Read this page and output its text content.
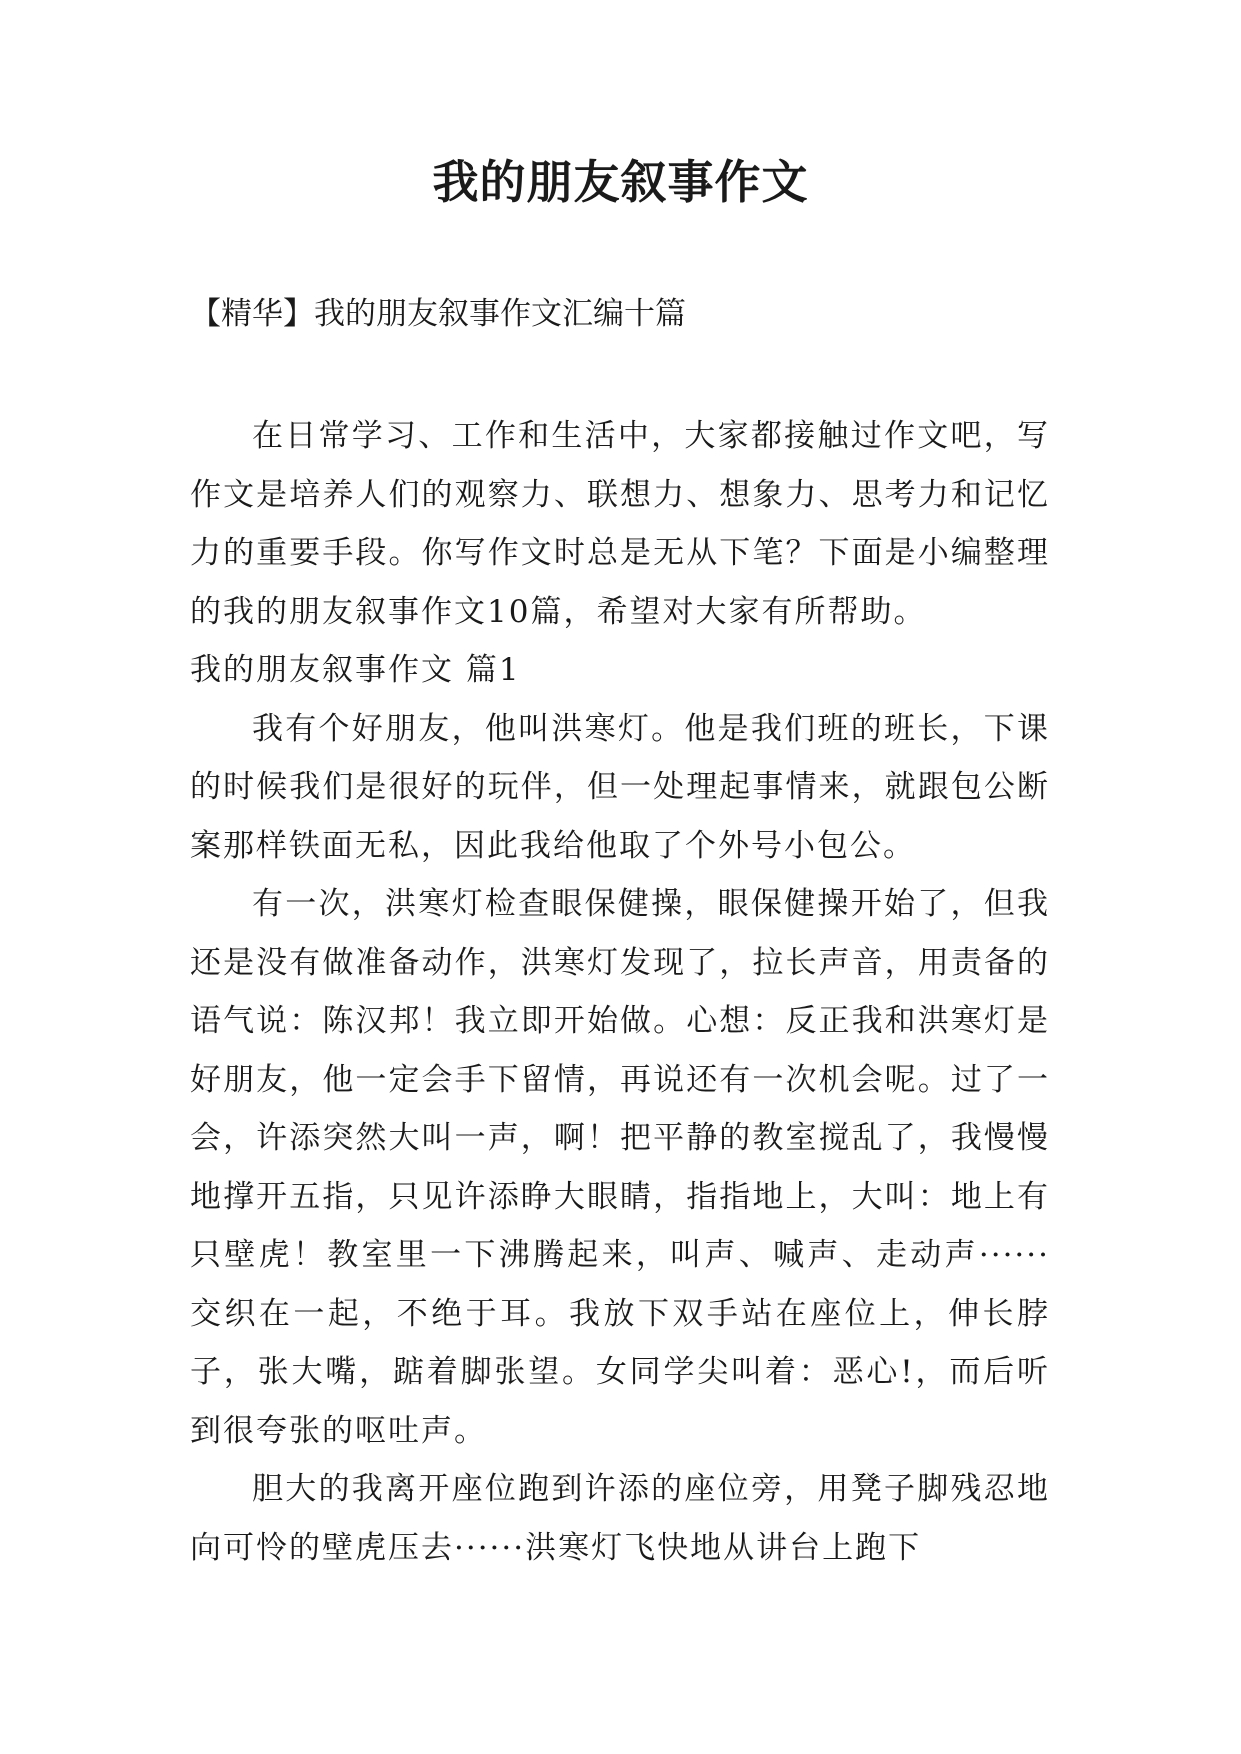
我的朋友叙事作文
【精华】我的朋友叙事作文汇编十篇

在日常学习、工作和生活中，大家都接触过作文吧，写作文是培养人们的观察力、联想力、想象力、思考力和记忆力的重要手段。你写作文时总是无从下笔？下面是小编整理的我的朋友叙事作文10篇，希望对大家有所帮助。

我的朋友叙事作文 篇1

我有个好朋友，他叫洪寒灯。他是我们班的班长，下课的时候我们是很好的玩伴，但一处理起事情来，就跟包公断案那样铁面无私，因此我给他取了个外号小包公。

有一次，洪寒灯检查眼保健操，眼保健操开始了，但我还是没有做准备动作，洪寒灯发现了，拉长声音，用责备的语气说：陈汉邦！我立即开始做。心想：反正我和洪寒灯是好朋友，他一定会手下留情，再说还有一次机会呢。过了一会，许添突然大叫一声，啊！把平静的教室搅乱了，我慢慢地撑开五指，只见许添睁大眼睛，指指地上，大叫：地上有只壁虎！教室里一下沸腾起来，叫声、喊声、走动声······交织在一起，不绝于耳。我放下双手站在座位上，伸长脖子，张大嘴，踮着脚张望。女同学尖叫着：恶心!，而后听到很夸张的呕吐声。

胆大的我离开座位跑到许添的座位旁，用凳子脚残忍地向可怜的壁虎压去······洪寒灯飞快地从讲台上跑下
